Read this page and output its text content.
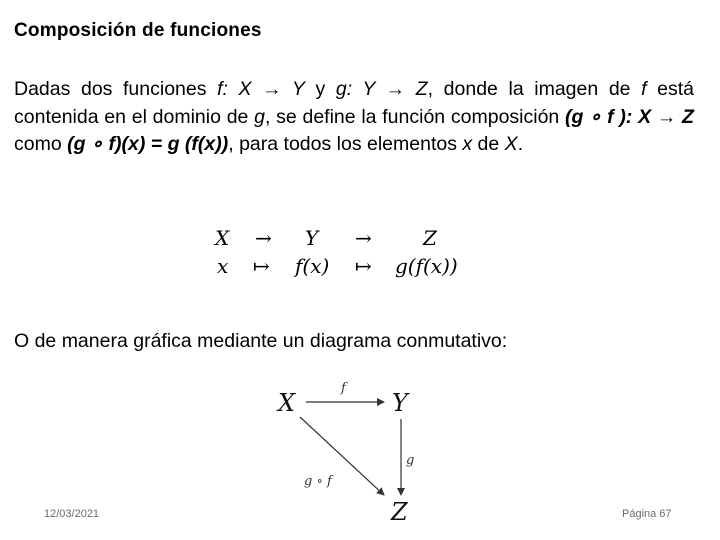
Composición de funciones
Dadas dos funciones f: X → Y y g: Y → Z, donde la imagen de f está contenida en el dominio de g, se define la función composición (g ∘ f ): X → Z como (g ∘ f)(x) = g (f(x)), para todos los elementos x de X.
X → Y →	Z
x ↦ f(x) ↦ g(f(x))
O de manera gráfica mediante un diagrama conmutativo:
X	Y
Z
f
g
g ∘ f
12/03/2021	Página 67
